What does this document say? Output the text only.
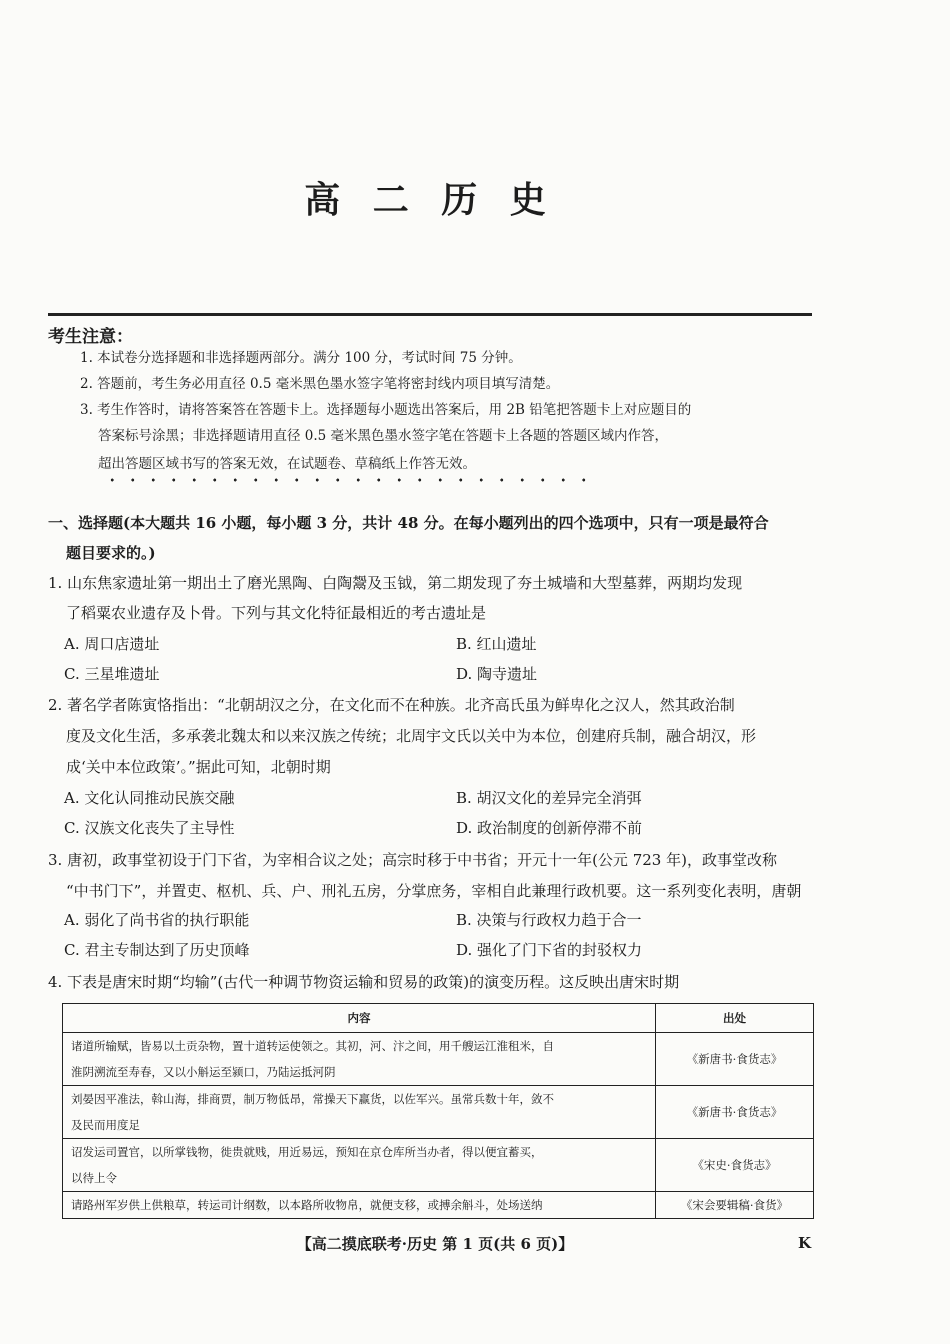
高 二 历 史
考生注意：
1. 本试卷分选择题和非选择题两部分。满分 100 分，考试时间 75 分钟。
2. 答题前，考生务必用直径 0.5 毫米黑色墨水签字笔将密封线内项目填写清楚。
3. 考生作答时，请将答案答在答题卡上。选择题每小题选出答案后，用 2B 铅笔把答题卡上对应题目的
答案标号涂黑；非选择题请用直径 0.5 毫米黑色墨水签字笔在答题卡上各题的答题区域内作答，
超出答题区域书写的答案无效，在试题卷、草稿纸上作答无效。
一、选择题(本大题共 16 小题，每小题 3 分，共计 48 分。在每小题列出的四个选项中，只有一项是最符合
题目要求的。)
1. 山东焦家遗址第一期出土了磨光黑陶、白陶鬶及玉钺，第二期发现了夯土城墙和大型墓葬，两期均发现
了稻粟农业遗存及卜骨。下列与其文化特征最相近的考古遗址是
A. 周口店遗址	B. 红山遗址
C. 三星堆遗址	D. 陶寺遗址
2. 著名学者陈寅恪指出：“北朝胡汉之分，在文化而不在种族。北齐高氏虽为鲜卑化之汉人，然其政治制
度及文化生活，多承袭北魏太和以来汉族之传统；北周宇文氏以关中为本位，创建府兵制，融合胡汉，形
成‘关中本位政策’。”据此可知，北朝时期
A. 文化认同推动民族交融	B. 胡汉文化的差异完全消弭
C. 汉族文化丧失了主导性	D. 政治制度的创新停滞不前
3. 唐初，政事堂初设于门下省，为宰相合议之处；高宗时移于中书省；开元十一年(公元 723 年)，政事堂改称
“中书门下”，并置吏、枢机、兵、户、刑礼五房，分掌庶务，宰相自此兼理行政机要。这一系列变化表明，唐朝
A. 弱化了尚书省的执行职能	B. 决策与行政权力趋于合一
C. 君主专制达到了历史顶峰	D. 强化了门下省的封驳权力
4. 下表是唐宋时期“均输”(古代一种调节物资运输和贸易的政策)的演变历程。这反映出唐宋时期
内容	出处

诸道所输赋，皆易以土贡杂物，置十道转运使领之。其初，河、汴之间，用千艘运江淮租米，自
淮阴溯流至寿春，又以小斛运至颍口，乃陆运抵河阴	《新唐书·食货志》

刘晏因平准法，斡山海，排商贾，制万物低昂，常操天下赢货，以佐军兴。虽常兵数十年，敛不
及民而用度足	《新唐书·食货志》

诏发运司置官，以所掌钱物，徙贵就贱，用近易远，预知在京仓库所当办者，得以便宜蓄买，
以待上令	《宋史·食货志》

请路州军岁供上供粮草，转运司计纲数，以本路所收物帛，就便支移，或搏余斛斗，处场送纳	《宋会要辑稿·食货》
【高二摸底联考·历史 第 1 页(共 6 页)】	K
